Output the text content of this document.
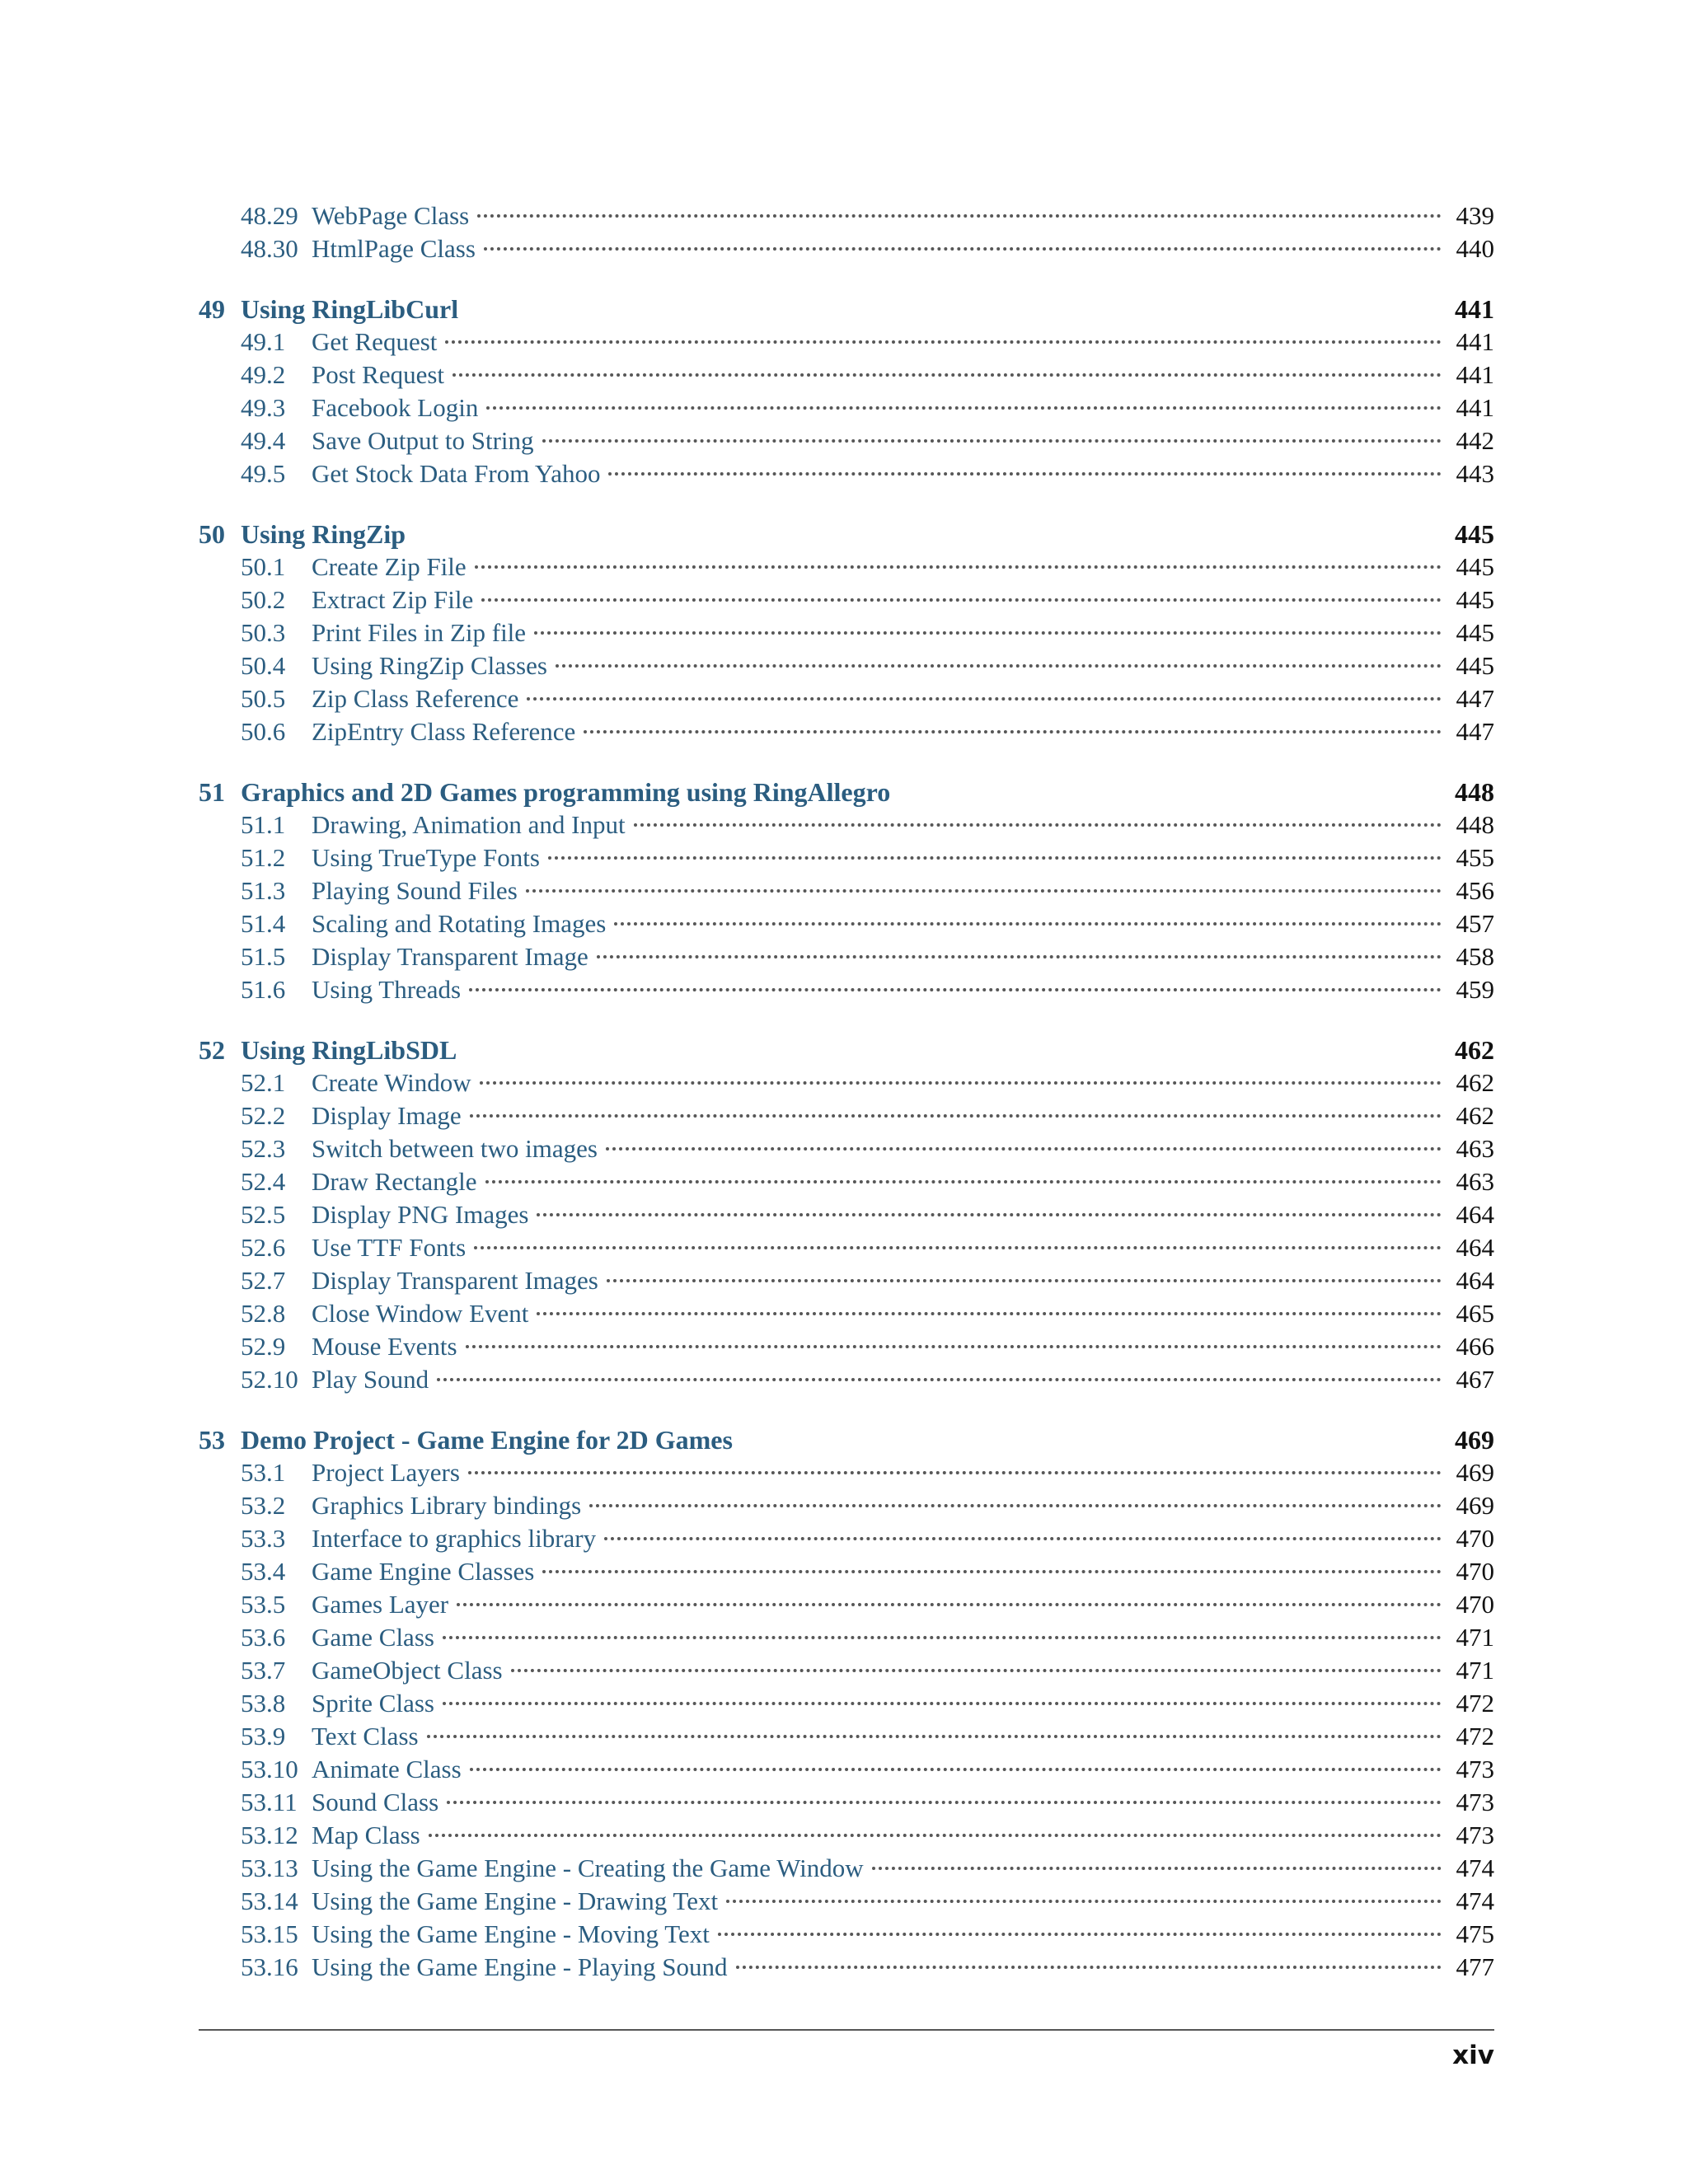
48.29 WebPage Class	439
48.30 HtmlPage Class	440
49 Using RingLibCurl	441
49.1	Get Request	441
49.2	Post Request	441
49.3	Facebook Login	441
49.4	Save Output to String	442
49.5	Get Stock Data From Yahoo	443
50 Using RingZip	445
50.1	Create Zip File	445
50.2	Extract Zip File	445
50.3	Print Files in Zip file	445
50.4	Using RingZip Classes	445
50.5	Zip Class Reference	447
50.6	ZipEntry Class Reference	447
51 Graphics and 2D Games programming using RingAllegro	448
51.1	Drawing, Animation and Input	448
51.2	Using TrueType Fonts	455
51.3	Playing Sound Files	456
51.4	Scaling and Rotating Images	457
51.5	Display Transparent Image	458
51.6	Using Threads	459
52 Using RingLibSDL	462
52.1	Create Window	462
52.2	Display Image	462
52.3	Switch between two images	463
52.4	Draw Rectangle	463
52.5	Display PNG Images	464
52.6	Use TTF Fonts	464
52.7	Display Transparent Images	464
52.8	Close Window Event	465
52.9	Mouse Events	466
52.10 Play Sound	467
53 Demo Project - Game Engine for 2D Games	469
53.1	Project Layers	469
53.2	Graphics Library bindings	469
53.3	Interface to graphics library	470
53.4	Game Engine Classes	470
53.5	Games Layer	470
53.6	Game Class	471
53.7	GameObject Class	471
53.8	Sprite Class	472
53.9	Text Class	472
53.10 Animate Class	473
53.11 Sound Class	473
53.12 Map Class	473
53.13 Using the Game Engine - Creating the Game Window	474
53.14 Using the Game Engine - Drawing Text	474
53.15 Using the Game Engine - Moving Text	475
53.16 Using the Game Engine - Playing Sound	477
xiv
